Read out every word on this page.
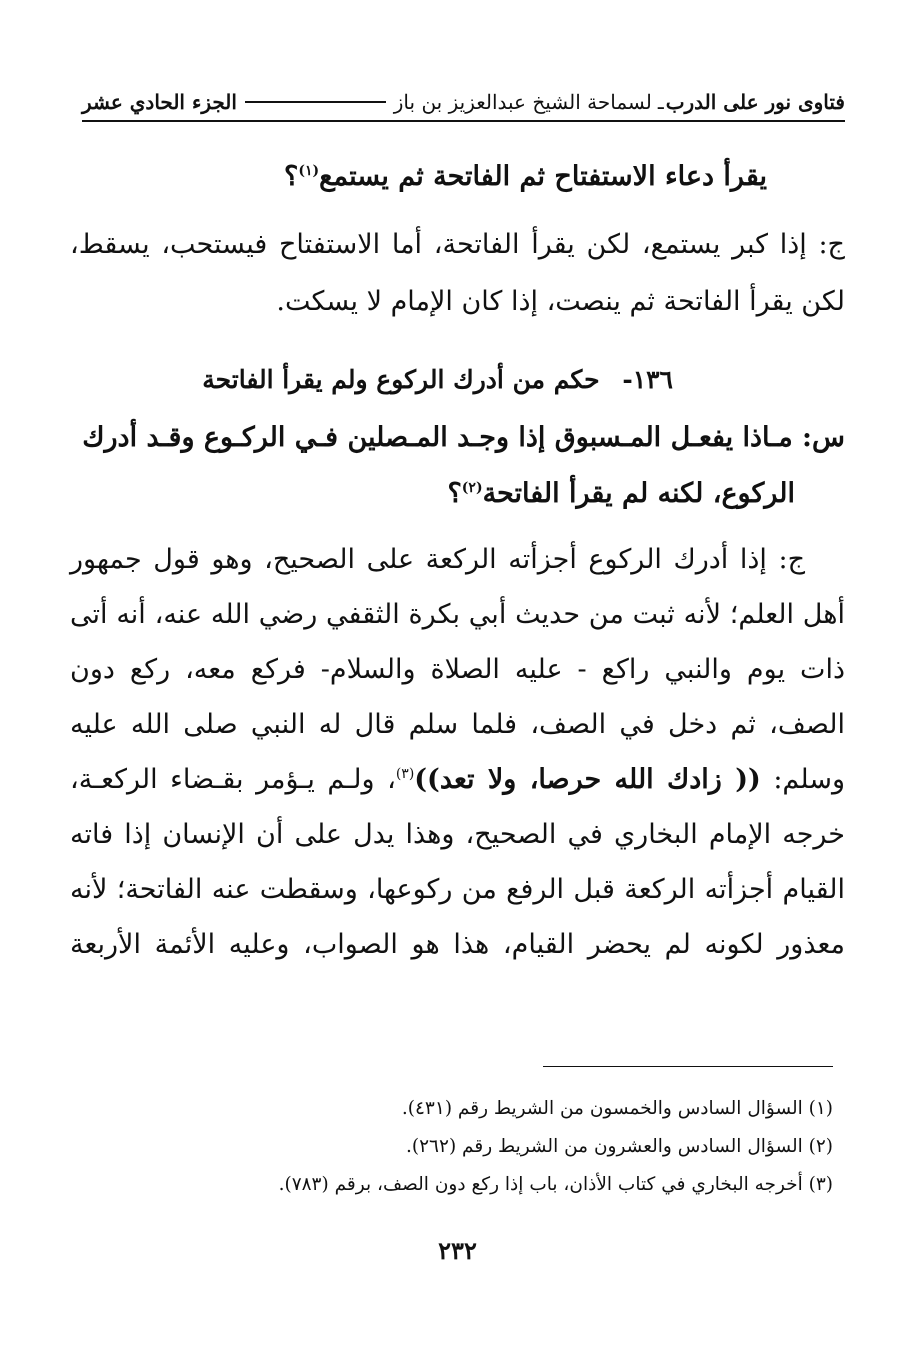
فتاوى نور على الدرب
ـ
لسماحة الشيخ عبدالعزيز بن باز
الجزء الحادي عشر
يقرأ دعاء الاستفتاح ثم الفاتحة ثم يستمع$^{(١)}$؟
ج: إذا كبر يستمع، لكن يقرأ الفاتحة، أما الاستفتاح فيستحب، يسقط، لكن يقرأ الفاتحة ثم ينصت، إذا كان الإمام لا يسكت.
١٣٦- حكم من أدرك الركوع ولم يقرأ الفاتحة
س: مـاذا يفعـل المـسبوق إذا وجـد المـصلين فـي الركـوع وقـد أدرك
الركوع، لكنه لم يقرأ الفاتحة$^{(٢)}$؟
ج: إذا أدرك الركوع أجزأته الركعة على الصحيح، وهو قول جمهور أهل العلم؛ لأنه ثبت من حديث أبي بكرة الثقفي رضي الله عنه، أنه أتى ذات يوم والنبي راكع - عليه الصلاة والسلام- فركع معه، ركع دون الصف، ثم دخل في الصف، فلما سلم قال له النبي صلى الله عليه وسلم: (( زادك الله حرصا، ولا تعد))$^{(٣)}$، ولـم يـؤمر بقـضاء الركعـة، خرجه الإمام البخاري في الصحيح، وهذا يدل على أن الإنسان إذا فاته القيام أجزأته الركعة قبل الرفع من ركوعها، وسقطت عنه الفاتحة؛ لأنه معذور لكونه لم يحضر القيام، هذا هو الصواب، وعليه الأئمة الأربعة
(١) السؤال السادس والخمسون من الشريط رقم (٤٣١).
(٢) السؤال السادس والعشرون من الشريط رقم (٢٦٢).
(٣) أخرجه البخاري في كتاب الأذان، باب إذا ركع دون الصف، برقم (٧٨٣).
٢٣٢
